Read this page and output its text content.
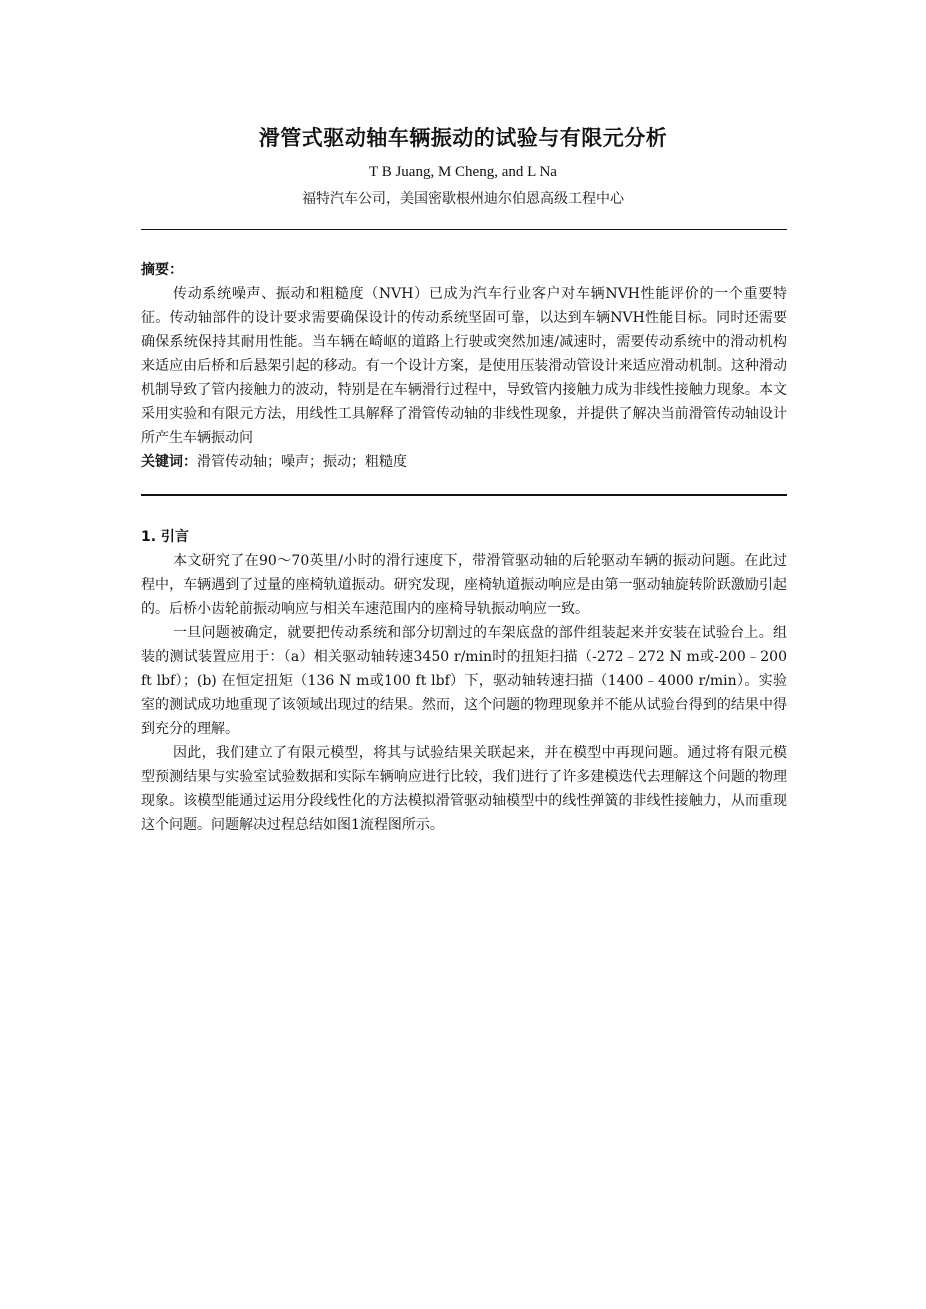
滑管式驱动轴车辆振动的试验与有限元分析
T B Juang, M Cheng, and L Na
福特汽车公司，美国密歇根州迪尔伯恩高级工程中心
摘要：

传动系统噪声、振动和粗糙度（NVH）已成为汽车行业客户对车辆NVH性能评价的一个重要特征。传动轴部件的设计要求需要确保设计的传动系统坚固可靠，以达到车辆NVH性能目标。同时还需要确保系统保持其耐用性能。当车辆在崎岖的道路上行驶或突然加速/减速时，需要传动系统中的滑动机构来适应由后桥和后悬架引起的移动。有一个设计方案，是使用压装滑动管设计来适应滑动机制。这种滑动机制导致了管内接触力的波动，特别是在车辆滑行过程中，导致管内接触力成为非线性接触力现象。本文采用实验和有限元方法，用线性工具解释了滑管传动轴的非线性现象，并提供了解决当前滑管传动轴设计所产生车辆振动问

关键词：滑管传动轴；噪声；振动；粗糙度
1. 引言

本文研究了在90～70英里/小时的滑行速度下，带滑管驱动轴的后轮驱动车辆的振动问题。在此过程中，车辆遇到了过量的座椅轨道振动。研究发现，座椅轨道振动响应是由第一驱动轴旋转阶跃激励引起的。后桥小齿轮前振动响应与相关车速范围内的座椅导轨振动响应一致。

一旦问题被确定，就要把传动系统和部分切割过的车架底盘的部件组装起来并安装在试验台上。组装的测试装置应用于：（a）相关驱动轴转速3450 r/min时的扭矩扫描（-272﹣272 N m或-200﹣200 ft lbf）；(b) 在恒定扭矩（136 N m或100 ft lbf）下，驱动轴转速扫描（1400﹣4000 r/min）。实验室的测试成功地重现了该领域出现过的结果。然而，这个问题的物理现象并不能从试验台得到的结果中得到充分的理解。

因此，我们建立了有限元模型，将其与试验结果关联起来，并在模型中再现问题。通过将有限元模型预测结果与实验室试验数据和实际车辆响应进行比较，我们进行了许多建模迭代去理解这个问题的物理现象。该模型能通过运用分段线性化的方法模拟滑管驱动轴模型中的线性弹簧的非线性接触力，从而重现这个问题。问题解决过程总结如图1流程图所示。
